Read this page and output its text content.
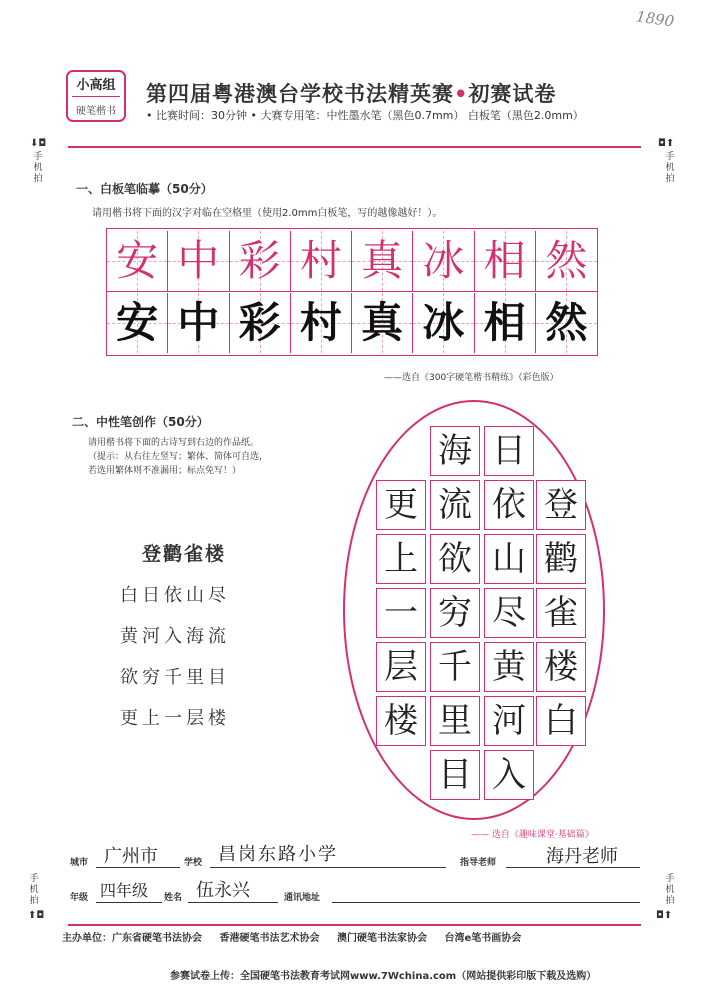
1890
小高组
硬笔楷书
第四届粤港澳台学校书法精英赛•初赛试卷
• 比赛时间：30分钟 • 大赛专用笔：中性墨水笔（黑色0.7mm） 白板笔（黑色2.0mm）
⬇◘
手机拍
◘⬆
手机拍
一、白板笔临摹（50分）
请用楷书将下面的汉字对临在空格里（使用2.0mm白板笔，写的越像越好！）。
安 中 彩 村 真 冰 相 然
安 中 彩 村 真 冰 相 然
——选自《300字硬笔楷书精练》（彩色版）
二、中性笔创作（50分）
请用楷书将下面的古诗写到右边的作品纸。
（提示：从右往左竖写；繁体、简体可自选，
若选用繁体则不准漏用；标点免写！）
登鹳雀楼
白日依山尽
黄河入海流
欲穷千里目
更上一层楼
登
鹳
雀
楼
白
日
依
山
尽
黄
河
入
海
流
欲
穷
千
里
目
更
上
一
层
楼
—— 选自《趣味课堂·基础篇》
城市 广州市	学校 昌岗东路小学	指导老师	海丹老师
年级 四年级 姓名 伍永兴	通讯地址
手机拍
⬆◘
手机拍
◘⬆
主办单位：广东省硬笔书法协会 香港硬笔书法艺术协会 澳门硬笔书法家协会 台湾e笔书画协会
参赛试卷上传：全国硬笔书法教育考试网www.7Wchina.com（网站提供彩印版下载及选购）
